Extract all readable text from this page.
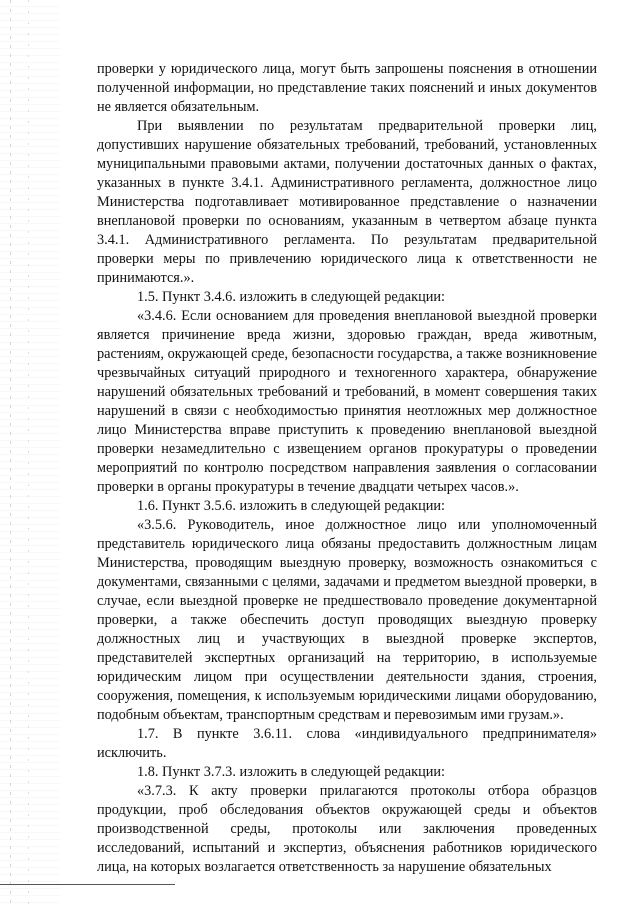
проверки у юридического лица, могут быть запрошены пояснения в отношении полученной информации, но представление таких пояснений и иных документов не является обязательным.

При выявлении по результатам предварительной проверки лиц, допустивших нарушение обязательных требований, требований, установленных муниципальными правовыми актами, получении достаточных данных о фактах, указанных в пункте 3.4.1. Административного регламента, должностное лицо Министерства подготавливает мотивированное представление о назначении внеплановой проверки по основаниям, указанным в четвертом абзаце пункта 3.4.1. Административного регламента. По результатам предварительной проверки меры по привлечению юридического лица к ответственности не принимаются.».

1.5. Пункт 3.4.6. изложить в следующей редакции:

«3.4.6. Если основанием для проведения внеплановой выездной проверки является причинение вреда жизни, здоровью граждан, вреда животным, растениям, окружающей среде, безопасности государства, а также возникновение чрезвычайных ситуаций природного и техногенного характера, обнаружение нарушений обязательных требований и требований, в момент совершения таких нарушений в связи с необходимостью принятия неотложных мер должностное лицо Министерства вправе приступить к проведению внеплановой выездной проверки незамедлительно с извещением органов прокуратуры о проведении мероприятий по контролю посредством направления заявления о согласовании проверки в органы прокуратуры в течение двадцати четырех часов.».

1.6. Пункт 3.5.6. изложить в следующей редакции:

«3.5.6. Руководитель, иное должностное лицо или уполномоченный представитель юридического лица обязаны предоставить должностным лицам Министерства, проводящим выездную проверку, возможность ознакомиться с документами, связанными с целями, задачами и предметом выездной проверки, в случае, если выездной проверке не предшествовало проведение документарной проверки, а также обеспечить доступ проводящих выездную проверку должностных лиц и участвующих в выездной проверке экспертов, представителей экспертных организаций на территорию, в используемые юридическим лицом при осуществлении деятельности здания, строения, сооружения, помещения, к используемым юридическими лицами оборудованию, подобным объектам, транспортным средствам и перевозимым ими грузам.».

1.7. В пункте 3.6.11. слова «индивидуального предпринимателя» исключить.

1.8. Пункт 3.7.3. изложить в следующей редакции:

«3.7.3. К акту проверки прилагаются протоколы отбора образцов продукции, проб обследования объектов окружающей среды и объектов производственной среды, протоколы или заключения проведенных исследований, испытаний и экспертиз, объяснения работников юридического лица, на которых возлагается ответственность за нарушение обязательных
